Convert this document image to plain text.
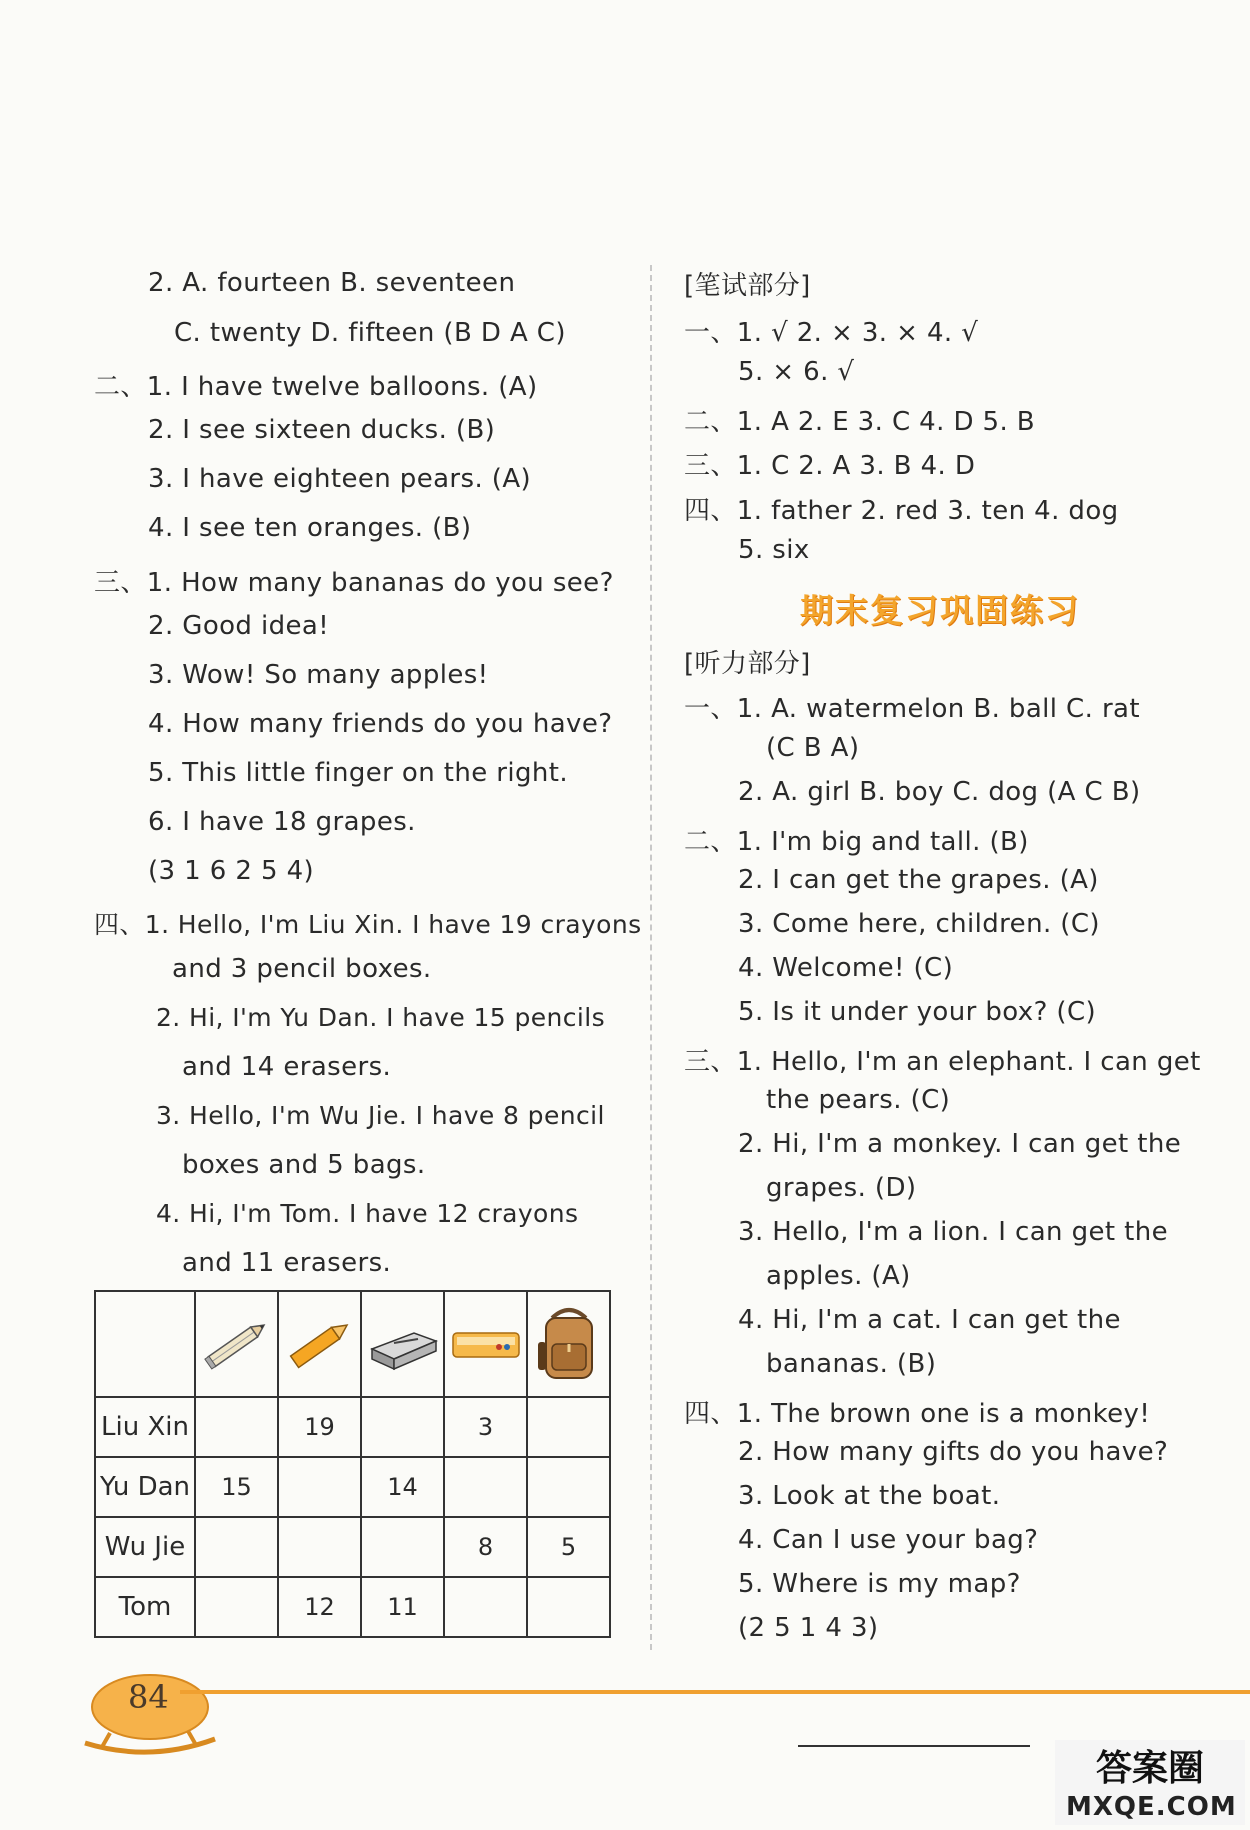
2. A. fourteen B. seventeen
C. twenty D. fifteen (B D A C)
二、1. I have twelve balloons. (A)
2. I see sixteen ducks. (B)
3. I have eighteen pears. (A)
4. I see ten oranges. (B)
三、1. How many bananas do you see?
2. Good idea!
3. Wow! So many apples!
4. How many friends do you have?
5. This little finger on the right.
6. I have 18 grapes.
(3 1 6 2 5 4)
四、1. Hello, I'm Liu Xin. I have 19 crayons
and 3 pencil boxes.
2. Hi, I'm Yu Dan. I have 15 pencils
and 14 erasers.
3. Hello, I'm Wu Jie. I have 8 pencil
boxes and 5 bags.
4. Hi, I'm Tom. I have 12 crayons
and 11 erasers.

Liu Xin		19		3	
Yu Dan	15		14		
Wu Jie				8	5
Tom		12	11		
[笔试部分]
一、1. √ 2. × 3. × 4. √
5. × 6. √
二、1. A 2. E 3. C 4. D 5. B
三、1. C 2. A 3. B 4. D
四、1. father 2. red 3. ten 4. dog
5. six
期末复习巩固练习
[听力部分]
一、1. A. watermelon B. ball C. rat
(C B A)
2. A. girl B. boy C. dog (A C B)
二、1. I'm big and tall. (B)
2. I can get the grapes. (A)
3. Come here, children. (C)
4. Welcome! (C)
5. Is it under your box? (C)
三、1. Hello, I'm an elephant. I can get
the pears. (C)
2. Hi, I'm a monkey. I can get the
grapes. (D)
3. Hello, I'm a lion. I can get the
apples. (A)
4. Hi, I'm a cat. I can get the
bananas. (B)
四、1. The brown one is a monkey!
2. How many gifts do you have?
3. Look at the boat.
4. Can I use your bag?
5. Where is my map?
(2 5 1 4 3)
84
答案圈
MXQE.COM
